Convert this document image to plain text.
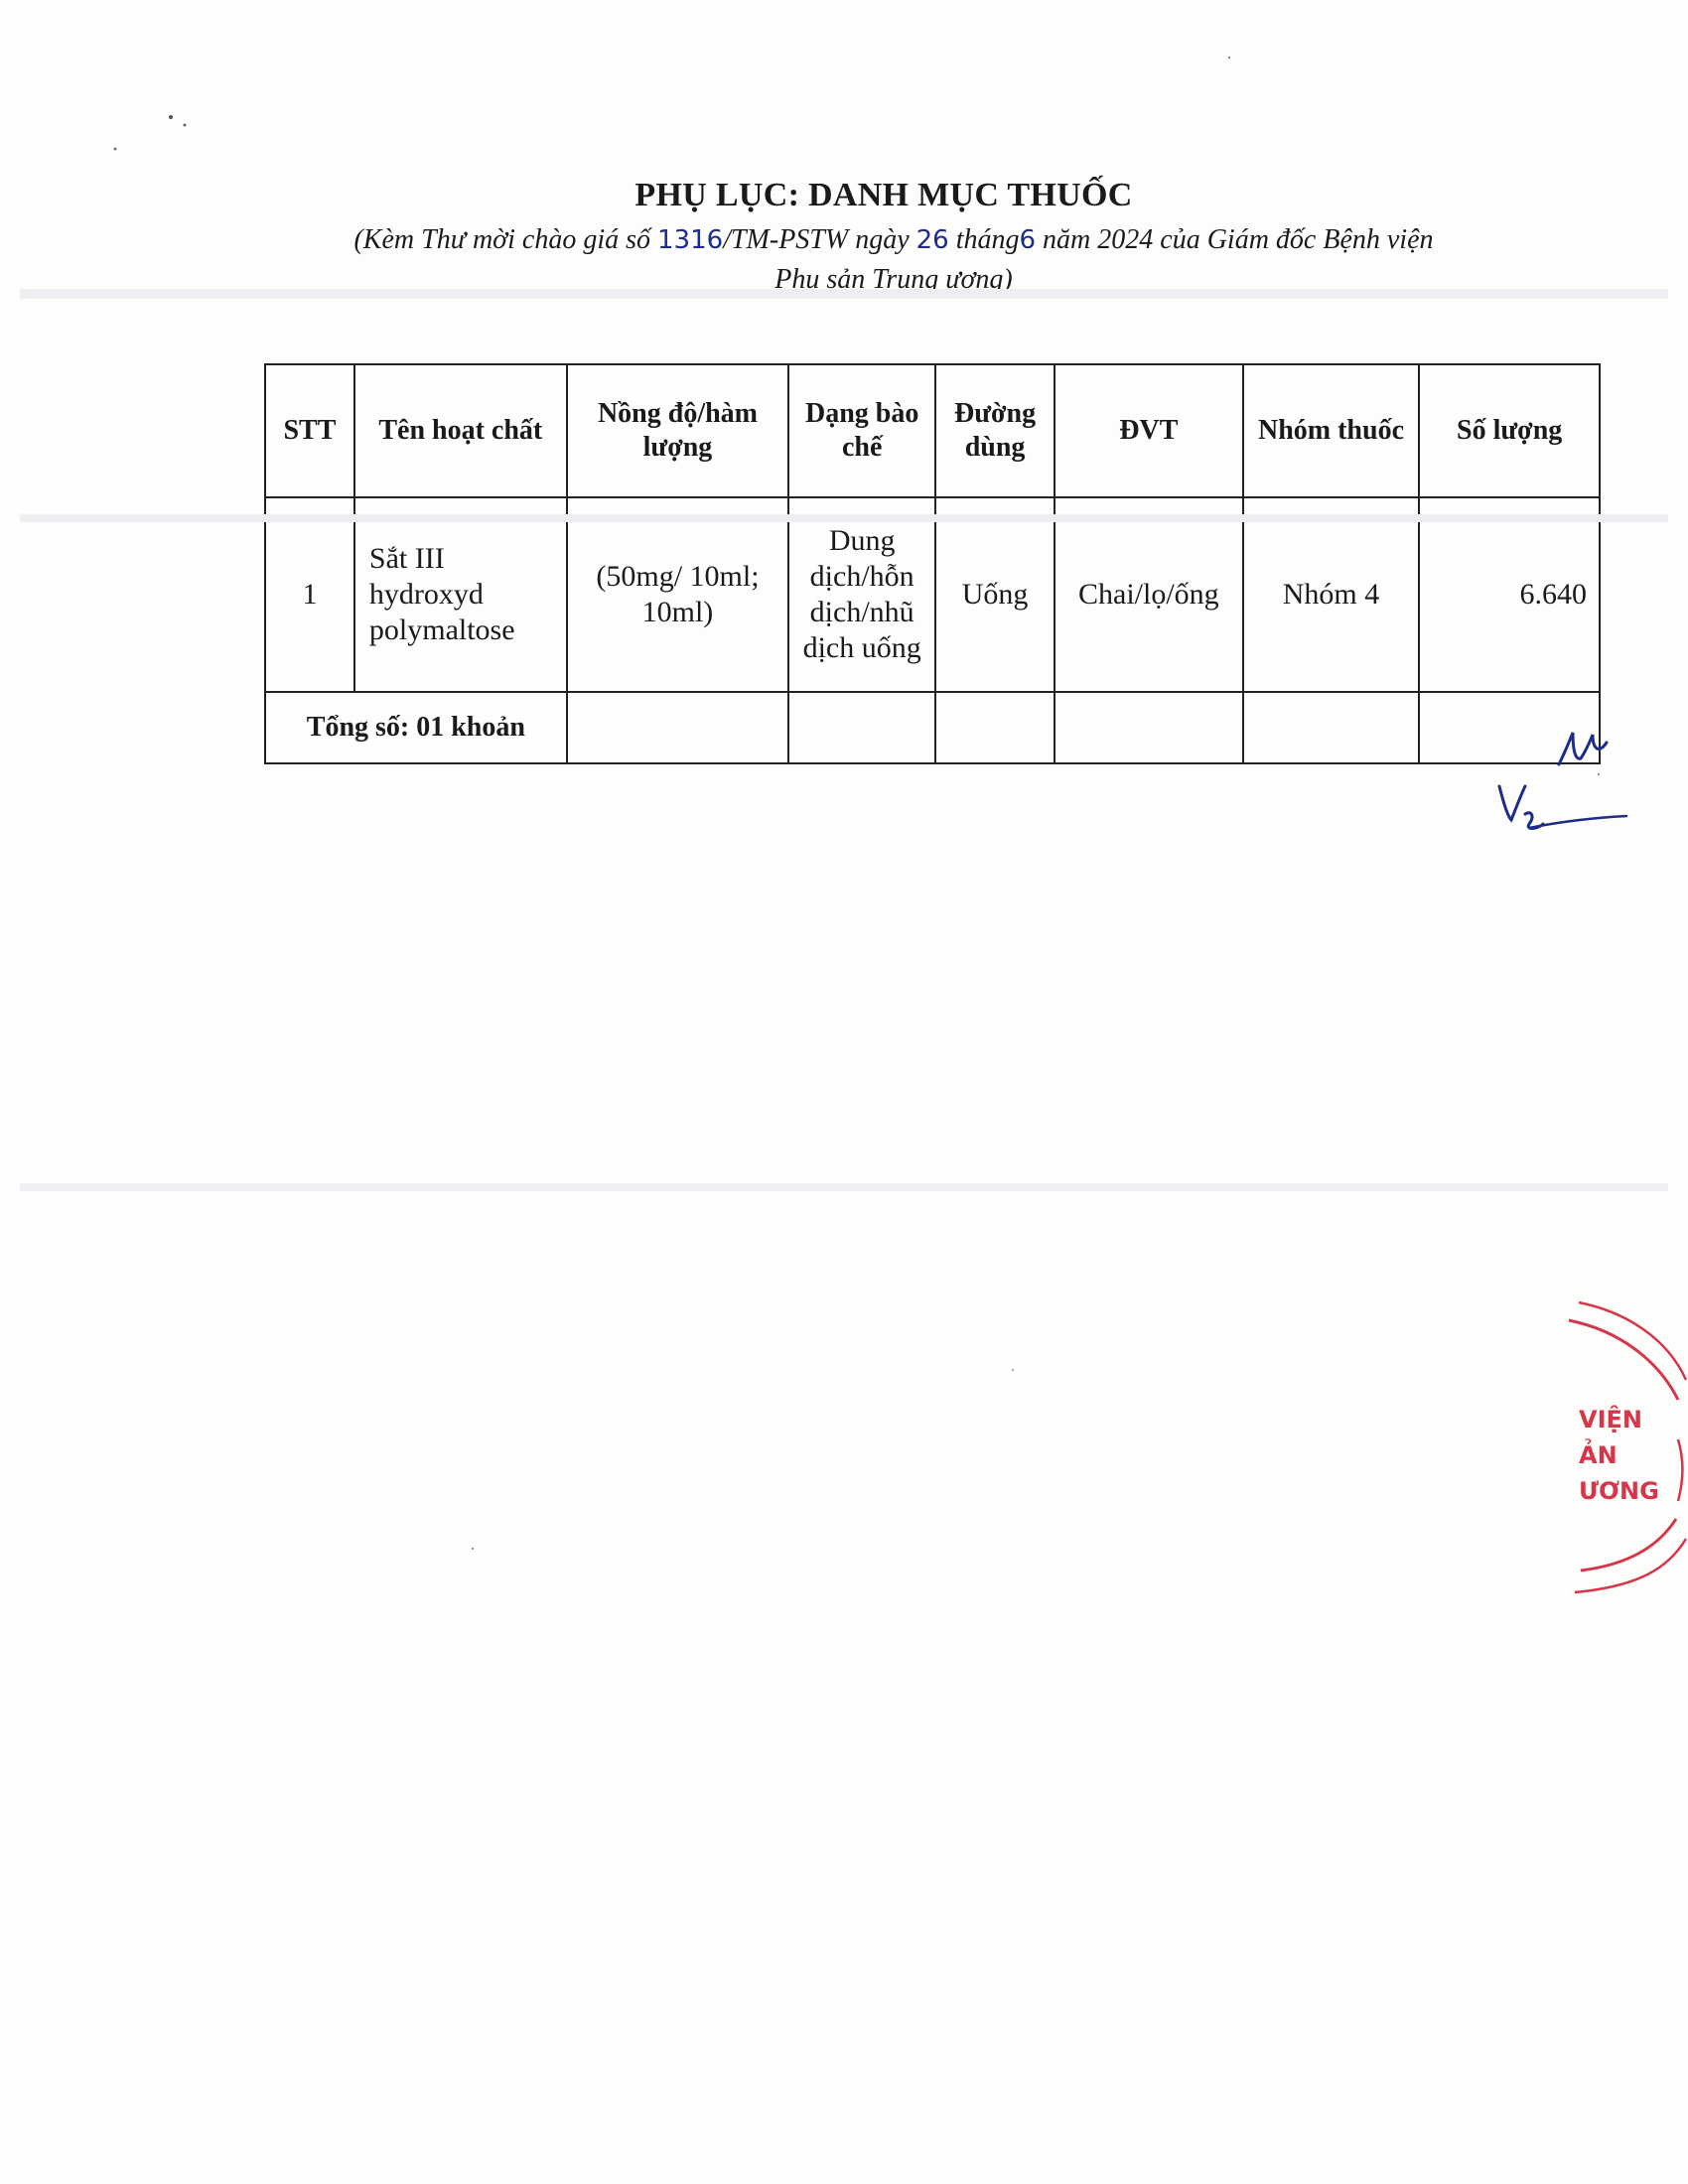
PHỤ LỤC: DANH MỤC THUỐC
(Kèm Thư mời chào giá số 1316/TM-PSTW ngày 26 tháng6 năm 2024 của Giám đốc Bệnh viện
Phụ sản Trung ương)
STT	Tên hoạt chất	Nồng độ/hàm lượng	Dạng bào chế	Đường dùng	ĐVT	Nhóm thuốc	Số lượng
1	Sắt III hydroxyd polymaltose	(50mg/ 10ml; 10ml)	Dung dịch/hỗn dịch/nhũ dịch uống	Uống	Chai/lọ/ống	Nhóm 4	6.640
Tổng số: 01 khoản							
VIỆN
ẢN
ƯƠNG
